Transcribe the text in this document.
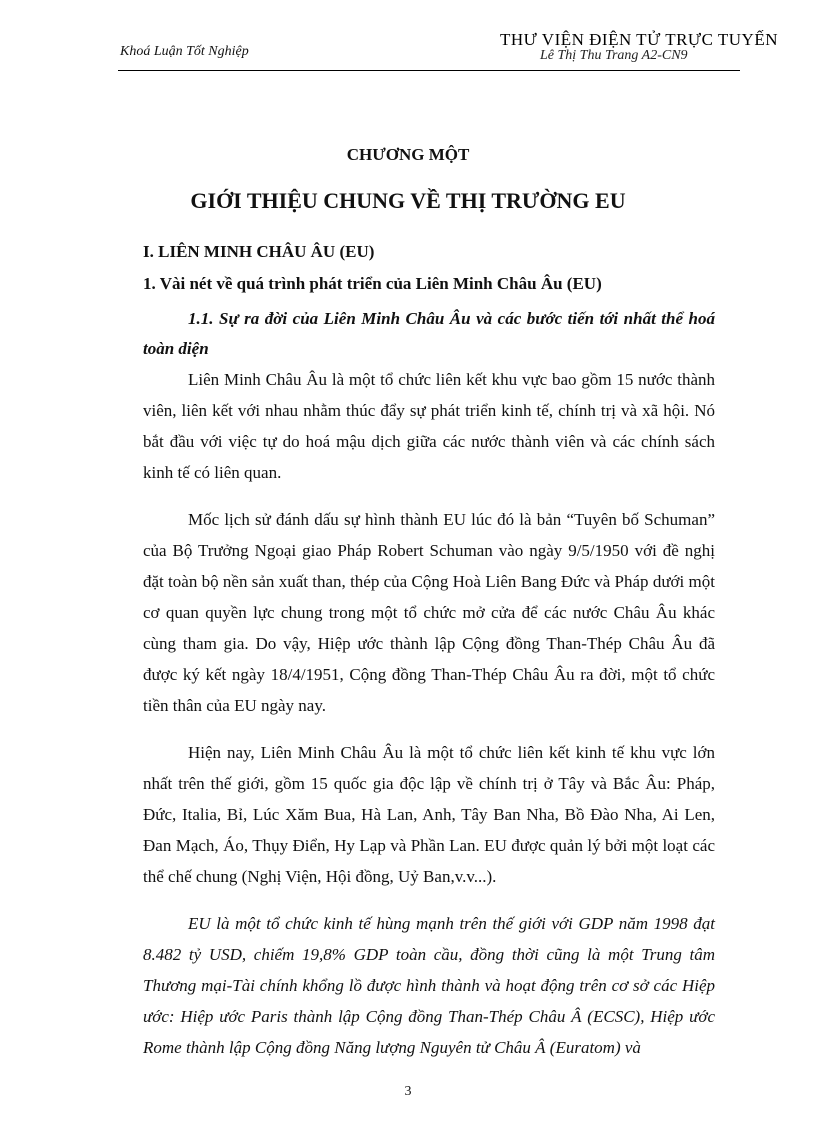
Khoá Luận Tốt Nghiệp	Lê Thị Thu Trang A2-CN9
THƯ VIỆN ĐIỆN TỬ TRỰC TUYẾN
CHƯƠNG MỘT
GIỚI THIỆU CHUNG VỀ THỊ TRƯỜNG EU

I. LIÊN MINH CHÂU ÂU (EU)

1. Vài nét về quá trình phát triển của Liên Minh Châu Âu (EU)

1.1. Sự ra đời của Liên Minh Châu Âu và các bước tiến tới nhất thể hoá toàn diện

Liên Minh Châu Âu là một tổ chức liên kết khu vực bao gồm 15 nước thành viên, liên kết với nhau nhằm thúc đẩy sự phát triển kinh tế, chính trị và xã hội. Nó bắt đầu với việc tự do hoá mậu dịch giữa các nước thành viên và các chính sách kinh tế có liên quan.

Mốc lịch sử đánh dấu sự hình thành EU lúc đó là bản “Tuyên bố Schuman” của Bộ Trưởng Ngoại giao Pháp Robert Schuman vào ngày 9/5/1950 với đề nghị đặt toàn bộ nền sản xuất than, thép của Cộng Hoà Liên Bang Đức và Pháp dưới một cơ quan quyền lực chung trong một tổ chức mở cửa để các nước Châu Âu khác cùng tham gia. Do vậy, Hiệp ước thành lập Cộng đồng Than-Thép Châu Âu đã được ký kết ngày 18/4/1951, Cộng đồng Than-Thép Châu Âu ra đời, một tổ chức tiền thân của EU ngày nay.

Hiện nay, Liên Minh Châu Âu là một tổ chức liên kết kinh tế khu vực lớn nhất trên thế giới, gồm 15 quốc gia độc lập về chính trị ở Tây và Bắc Âu: Pháp, Đức, Italia, Bỉ, Lúc Xăm Bua, Hà Lan, Anh, Tây Ban Nha, Bồ Đào Nha, Ai Len, Đan Mạch, Áo, Thụy Điển, Hy Lạp và Phần Lan. EU được quản lý bởi một loạt các thể chế chung (Nghị Viện, Hội đồng, Uỷ Ban,v.v...).

EU là một tổ chức kinh tế hùng mạnh trên thế giới với GDP năm 1998 đạt 8.482 tỷ USD, chiếm 19,8% GDP toàn cầu, đồng thời cũng là một Trung tâm Thương mại-Tài chính khổng lồ được hình thành và hoạt động trên cơ sở các Hiệp ước: Hiệp ước Paris thành lập Cộng đồng Than-Thép Châu Â (ECSC), Hiệp ước Rome thành lập Cộng đồng Năng lượng Nguyên tử Châu Â (Euratom) và

3
